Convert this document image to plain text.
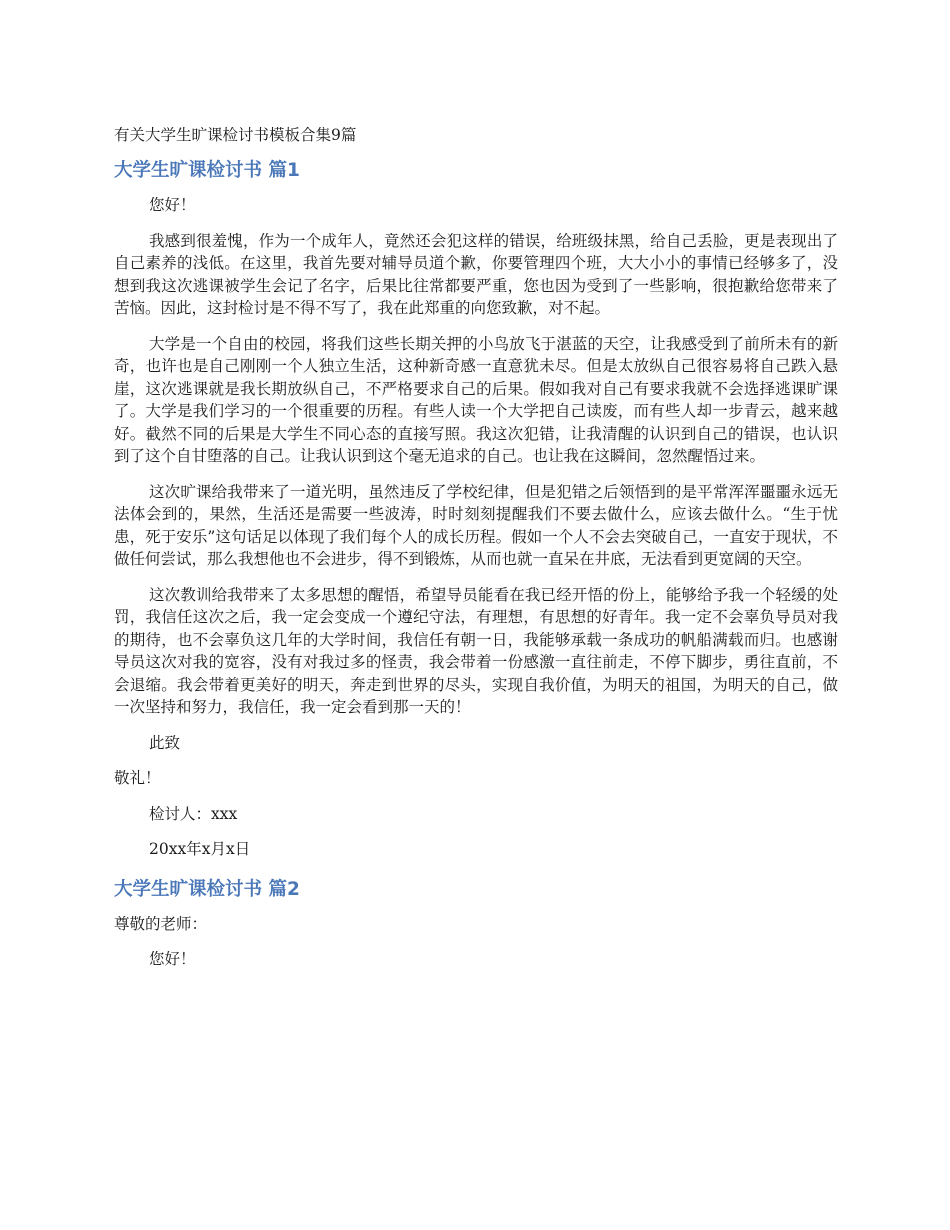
有关大学生旷课检讨书模板合集9篇
大学生旷课检讨书 篇1
您好！
我感到很羞愧，作为一个成年人，竟然还会犯这样的错误，给班级抹黑，给自己丢脸，更是表现出了自己素养的浅低。在这里，我首先要对辅导员道个歉，你要管理四个班，大大小小的事情已经够多了，没想到我这次逃课被学生会记了名字，后果比往常都要严重，您也因为受到了一些影响，很抱歉给您带来了苦恼。因此，这封检讨是不得不写了，我在此郑重的向您致歉，对不起。
大学是一个自由的校园，将我们这些长期关押的小鸟放飞于湛蓝的天空，让我感受到了前所未有的新奇，也许也是自己刚刚一个人独立生活，这种新奇感一直意犹未尽。但是太放纵自己很容易将自己跌入悬崖，这次逃课就是我长期放纵自己，不严格要求自己的后果。假如我对自己有要求我就不会选择逃课旷课了。大学是我们学习的一个很重要的历程。有些人读一个大学把自己读废，而有些人却一步青云，越来越好。截然不同的后果是大学生不同心态的直接写照。我这次犯错，让我清醒的认识到自己的错误，也认识到了这个自甘堕落的自己。让我认识到这个毫无追求的自己。也让我在这瞬间，忽然醒悟过来。
这次旷课给我带来了一道光明，虽然违反了学校纪律，但是犯错之后领悟到的是平常浑浑噩噩永远无法体会到的，果然，生活还是需要一些波涛，时时刻刻提醒我们不要去做什么，应该去做什么。“生于忧患，死于安乐”这句话足以体现了我们每个人的成长历程。假如一个人不会去突破自己，一直安于现状，不做任何尝试，那么我想他也不会进步，得不到锻炼，从而也就一直呆在井底，无法看到更宽阔的天空。
这次教训给我带来了太多思想的醒悟，希望导员能看在我已经开悟的份上，能够给予我一个轻缓的处罚，我信任这次之后，我一定会变成一个遵纪守法，有理想，有思想的好青年。我一定不会辜负导员对我的期待，也不会辜负这几年的大学时间，我信任有朝一日，我能够承载一条成功的帆船满载而归。也感谢导员这次对我的宽容，没有对我过多的怪责，我会带着一份感激一直往前走，不停下脚步，勇往直前，不会退缩。我会带着更美好的明天，奔走到世界的尽头，实现自我价值，为明天的祖国，为明天的自己，做一次坚持和努力，我信任，我一定会看到那一天的！
此致
敬礼！
检讨人：xxx
20xx年x月x日
大学生旷课检讨书 篇2
尊敬的老师：
您好！
